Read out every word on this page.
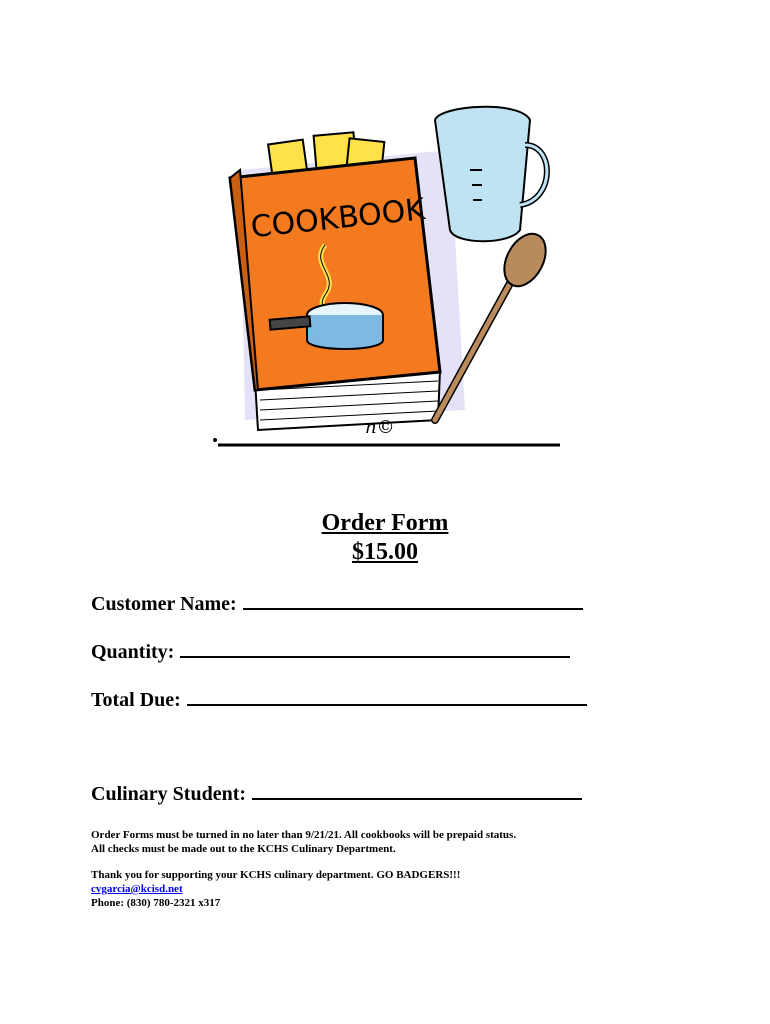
COOKBOOK
n©
Order Form
$15.00
Customer Name:
Quantity:
Total Due:
Culinary Student:

Order Forms must be turned in no later than 9/21/21. All cookbooks will be prepaid status.

All checks must be made out to the KCHS Culinary Department.

Thank you for supporting your KCHS culinary department. GO BADGERS!!!

cvgarcia@kcisd.net

Phone: (830) 780-2321 x317
